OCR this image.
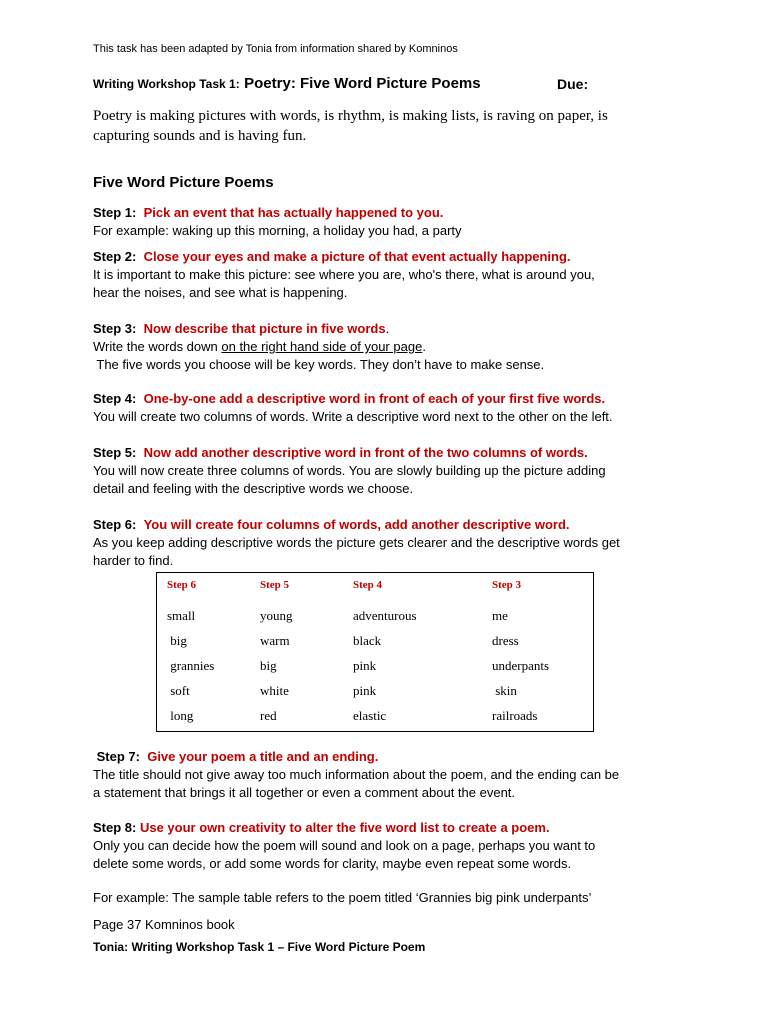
This task has been adapted by Tonia from information shared by Komninos
Writing Workshop Task 1: Poetry: Five Word Picture Poems	Due:
Poetry is making pictures with words, is rhythm, is making lists, is raving on paper, is
capturing sounds and is having fun.
Five Word Picture Poems

Step 1: Pick an event that has actually happened to you.

For example: waking up this morning, a holiday you had, a party

Step 2: Close your eyes and make a picture of that event actually happening.

It is important to make this picture: see where you are, who's there, what is around you,

hear the noises, and see what is happening.

Step 3: Now describe that picture in five words.

Write the words down on the right hand side of your page.

The five words you choose will be key words. They don’t have to make sense.

Step 4: One-by-one add a descriptive word in front of each of your first five words.

You will create two columns of words. Write a descriptive word next to the other on the left.

Step 5: Now add another descriptive word in front of the two columns of words.

You will now create three columns of words. You are slowly building up the picture adding

detail and feeling with the descriptive words we choose.

Step 6: You will create four columns of words, add another descriptive word.

As you keep adding descriptive words the picture gets clearer and the descriptive words get

harder to find.

Step 6	Step 5	Step 4	Step 3
small	young	adventurous	me
big	warm	black	dress
grannies	big	pink	underpants
soft	white	pink	skin
long	red	elastic	railroads

Step 7: Give your poem a title and an ending.

The title should not give away too much information about the poem, and the ending can be

a statement that brings it all together or even a comment about the event.

Step 8: Use your own creativity to alter the five word list to create a poem.

Only you can decide how the poem will sound and look on a page, perhaps you want to

delete some words, or add some words for clarity, maybe even repeat some words.

For example: The sample table refers to the poem titled ‘Grannies big pink underpants’
Page 37 Komninos book
Tonia: Writing Workshop Task 1 – Five Word Picture Poem
